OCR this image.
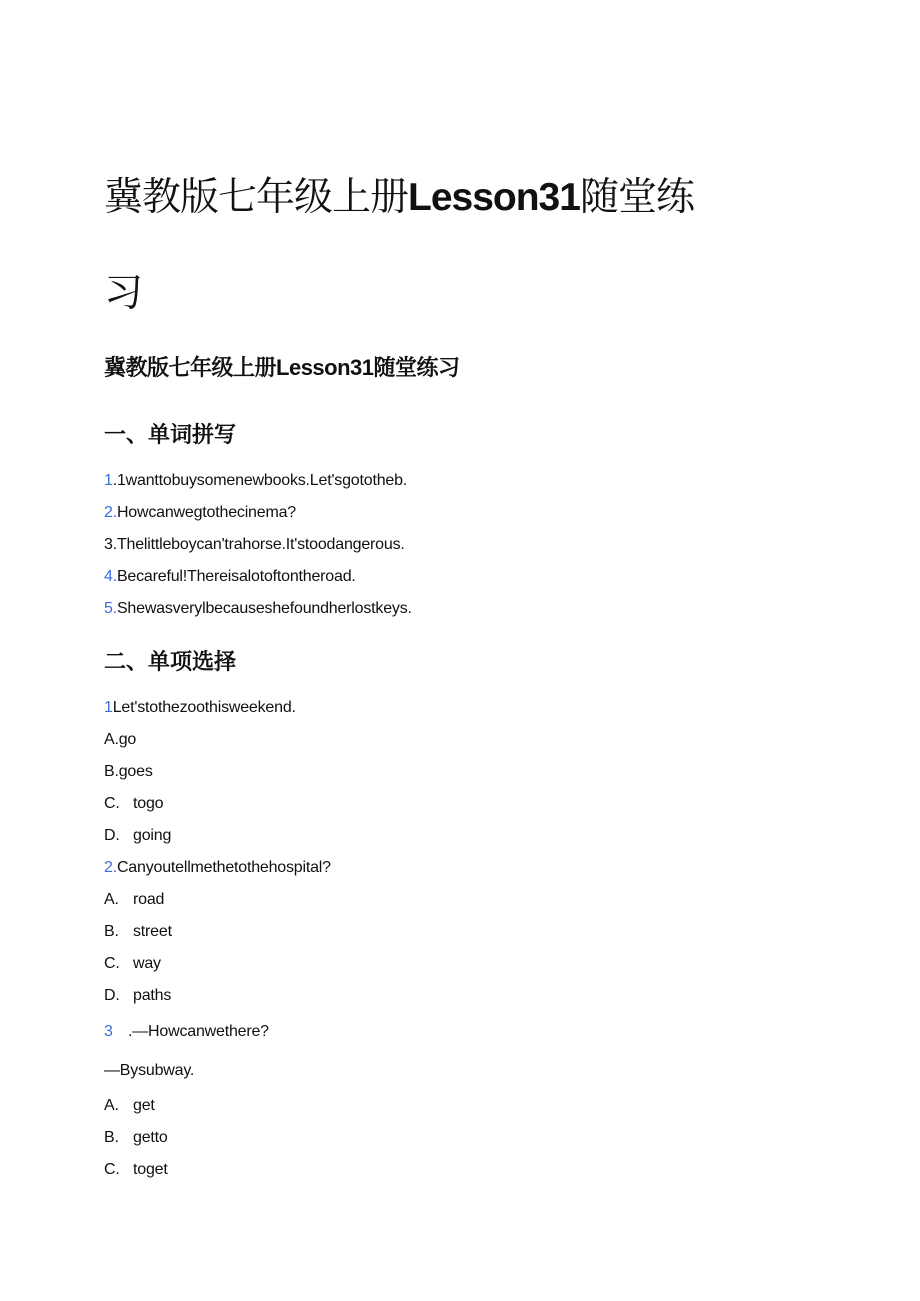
冀教版七年级上册Lesson31随堂练
习
冀教版七年级上册Lesson31随堂练习
一、单词拼写
1.1wanttobuysomenewbooks.Let'sgototheb.
2.Howcanwegtothecinema?
3.Thelittleboycan'trahorse.It'stoodangerous.
4.Becareful!Thereisalotoftontheroad.
5.Shewasveryl​becauseshefoundherlostkeys.
二、单项选择
1Let'stothezoothisweekend.
A.go
B.goes
C. togo
D. going
2.Canyoutellmethetothehospital?
A. road
B. street
C. way
D. paths
3 .—Howcanwethere?
—Bysubway.
A. get
B. getto
C. toget
